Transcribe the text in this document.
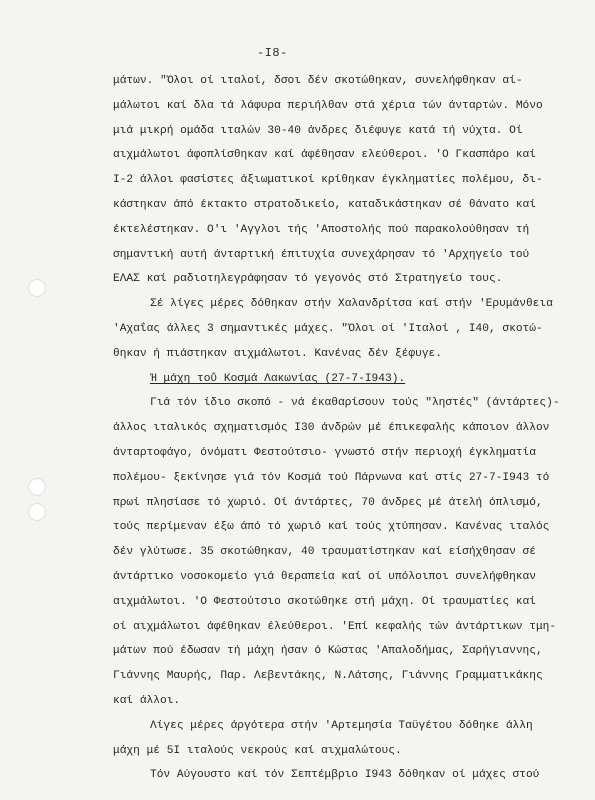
-I8-
μάτων. "Όλοι οί ιταλοί, δσοι δέν σκοτώθηκαν, συνελήφθηκαν αί-
μάλωτοι καί δλα τά λάφυρα περιήλθαν στά χέρια τών άνταρτών. Μόνο
μιά μικρή ομάδα ιταλών 30-40 άνδρες διέφυγε κατά τή νύχτα. Οί
αιχμάλωτοι άφοπλίσθηκαν καί άφέθησαν ελεύθεροι. 'Ο Γκασπάρο καί
I-2 άλλοι φασίστες άξιωματικοί κρίθηκαν έγκληματίες πολέμου, δι-
κάστηκαν άπό έκτακτο στρατοδικείο, καταδικάστηκαν σέ θάνατο καί
έκτελέστηκαν. Ο'ι 'Αγγλοι τής 'Αποστολής πού παρακολούθησαν τή
σημαντική αυτή άνταρτική έπιτυχία συνεχάρησαν τό 'Αρχηγείο τού
ΕΛΑΣ καί ραδιοτηλεγράφησαν τό γεγονός στό Στρατηγείο τους.
Σέ λίγες μέρες δόθηκαν στήν Χαλανδρίτσα καί στήν 'Ερυμάνθεια
'Αχαΐας άλλες 3 σημαντικές μάχες. "Όλοι οί 'Ιταλοί , I40, σκοτώ-
θηκαν ή πιάστηκαν αιχμάλωτοι. Κανένας δέν ξέφυγε.
Ή μάχη τοΰ Κοσμά Λακωνίας (27-7-I943).
Γιά τόν ίδιο σκοπό - νά έκαθαρίσουν τούς "ληστές" (άντάρτες)-
άλλος ιταλικός σχηματισμός I30 άνδρών μέ έπικεφαλής κάποιον άλλον
άνταρτοφάγο, όνόματι Φεστούτσιο- γνωστό στήν περιοχή έγκληματία
πολέμου- ξεκίνησε γιά τόν Κοσμά τού Πάρνωνα καί στίς 27-7-I943 τό
πρωί πλησίασε τό χωριό. Οί άντάρτες, 70 άνδρες μέ άτελή όπλισμό,
τούς περίμεναν έξω άπό τό χωριό καί τούς χτύπησαν. Κανένας ιταλός
δέν γλύτωσε. 35 σκοτώθηκαν, 40 τραυματίστηκαν καί είσήχθησαν σέ
άντάρτικο νοσοκομείο γιά θεραπεία καί οί υπόλοιποι συνελήφθηκαν
αιχμάλωτοι. 'Ο Φεστούτσιο σκοτώθηκε στή μάχη. Οί τραυματίες καί
οί αιχμάλωτοι άφέθηκαν έλεύθεροι. 'Επί κεφαλής τών άντάρτικων τμη-
μάτων πού έδωσαν τή μάχη ήσαν ό Κώστας 'Απαλοδήμας, Σαρήγιαννης,
Γιάννης Μαυρής, Παρ. Λεβεντάκης, Ν.Λάτσης, Γιάννης Γραμματικάκης
καί άλλοι.
Λίγες μέρες άργότερα στήν 'Αρτεμησία Ταϋγέτου δόθηκε άλλη
μάχη μέ 5I ιταλούς νεκρούς καί αιχμαλώτους.
Τόν Αύγουστο καί τόν Σεπτέμβριο I943 δόθηκαν οί μάχες στού
